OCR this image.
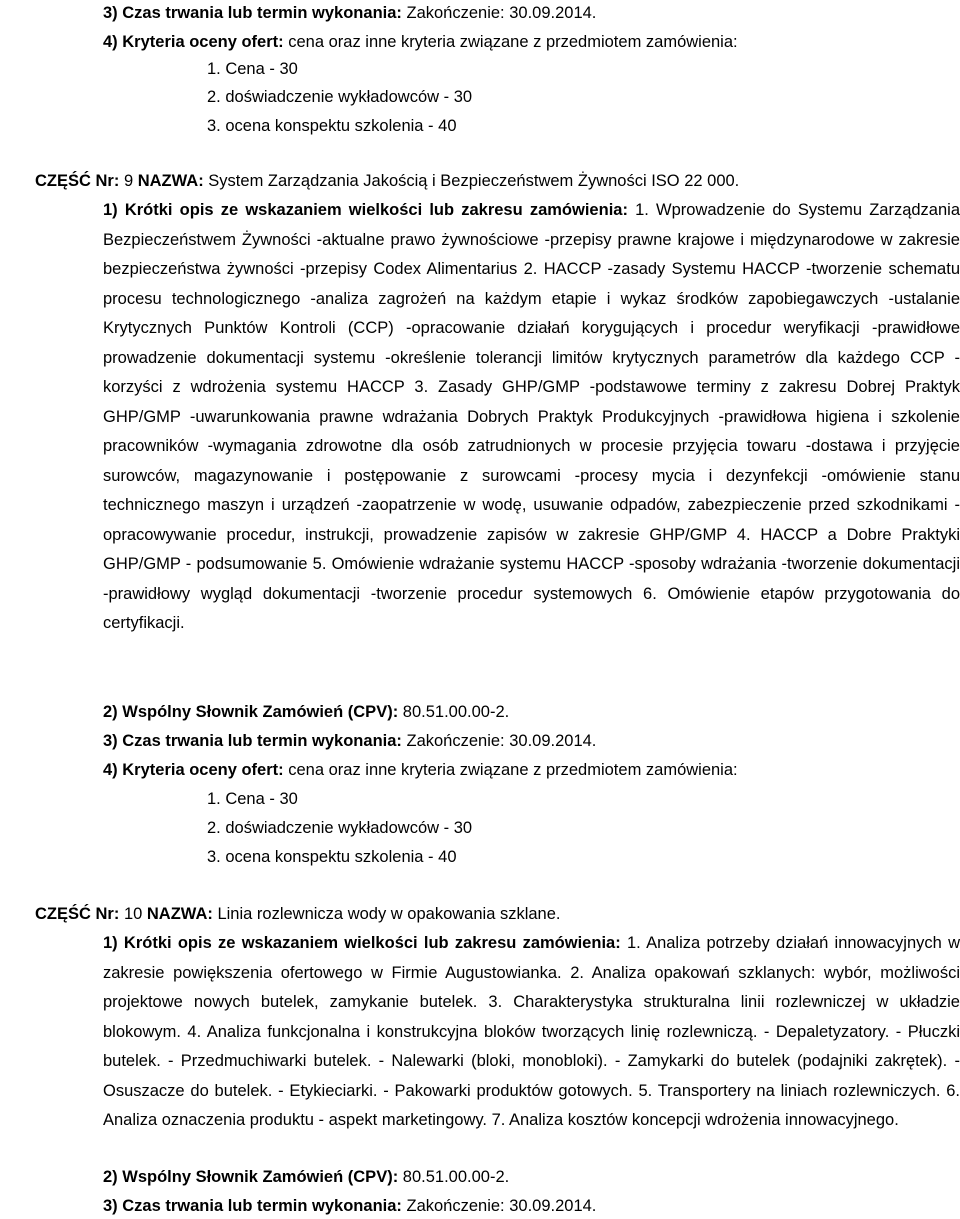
3) Czas trwania lub termin wykonania: Zakończenie: 30.09.2014.
4) Kryteria oceny ofert: cena oraz inne kryteria związane z przedmiotem zamówienia:
1. Cena - 30
2. doświadczenie wykładowców - 30
3. ocena konspektu szkolenia - 40
CZĘŚĆ Nr: 9 NAZWA: System Zarządzania Jakością i Bezpieczeństwem Żywności ISO 22 000.
1) Krótki opis ze wskazaniem wielkości lub zakresu zamówienia: 1. Wprowadzenie do Systemu Zarządzania Bezpieczeństwem Żywności -aktualne prawo żywnościowe -przepisy prawne krajowe i międzynarodowe w zakresie bezpieczeństwa żywności -przepisy Codex Alimentarius 2. HACCP -zasady Systemu HACCP -tworzenie schematu procesu technologicznego -analiza zagrożeń na każdym etapie i wykaz środków zapobiegawczych -ustalanie Krytycznych Punktów Kontroli (CCP) -opracowanie działań korygujących i procedur weryfikacji -prawidłowe prowadzenie dokumentacji systemu -określenie tolerancji limitów krytycznych parametrów dla każdego CCP - korzyści z wdrożenia systemu HACCP 3. Zasady GHP/GMP -podstawowe terminy z zakresu Dobrej Praktyk GHP/GMP -uwarunkowania prawne wdrażania Dobrych Praktyk Produkcyjnych -prawidłowa higiena i szkolenie pracowników -wymagania zdrowotne dla osób zatrudnionych w procesie przyjęcia towaru -dostawa i przyjęcie surowców, magazynowanie i postępowanie z surowcami -procesy mycia i dezynfekcji -omówienie stanu technicznego maszyn i urządzeń -zaopatrzenie w wodę, usuwanie odpadów, zabezpieczenie przed szkodnikami -opracowywanie procedur, instrukcji, prowadzenie zapisów w zakresie GHP/GMP 4. HACCP a Dobre Praktyki GHP/GMP - podsumowanie 5. Omówienie wdrażanie systemu HACCP -sposoby wdrażania -tworzenie dokumentacji -prawidłowy wygląd dokumentacji -tworzenie procedur systemowych 6. Omówienie etapów przygotowania do certyfikacji.
2) Wspólny Słownik Zamówień (CPV): 80.51.00.00-2.
3) Czas trwania lub termin wykonania: Zakończenie: 30.09.2014.
4) Kryteria oceny ofert: cena oraz inne kryteria związane z przedmiotem zamówienia:
1. Cena - 30
2. doświadczenie wykładowców - 30
3. ocena konspektu szkolenia - 40
CZĘŚĆ Nr: 10 NAZWA: Linia rozlewnicza wody w opakowania szklane.
1) Krótki opis ze wskazaniem wielkości lub zakresu zamówienia: 1. Analiza potrzeby działań innowacyjnych w zakresie powiększenia ofertowego w Firmie Augustowianka. 2. Analiza opakowań szklanych: wybór, możliwości projektowe nowych butelek, zamykanie butelek. 3. Charakterystyka strukturalna linii rozlewniczej w układzie blokowym. 4. Analiza funkcjonalna i konstrukcyjna bloków tworzących linię rozlewniczą. - Depaletyzatory. - Płuczki butelek. - Przedmuchiwarki butelek. - Nalewarki (bloki, monobloki). - Zamykarki do butelek (podajniki zakrętek). - Osuszacze do butelek. - Etykieciarki. - Pakowarki produktów gotowych. 5. Transportery na liniach rozlewniczych. 6. Analiza oznaczenia produktu - aspekt marketingowy. 7. Analiza kosztów koncepcji wdrożenia innowacyjnego.
2) Wspólny Słownik Zamówień (CPV): 80.51.00.00-2.
3) Czas trwania lub termin wykonania: Zakończenie: 30.09.2014.
